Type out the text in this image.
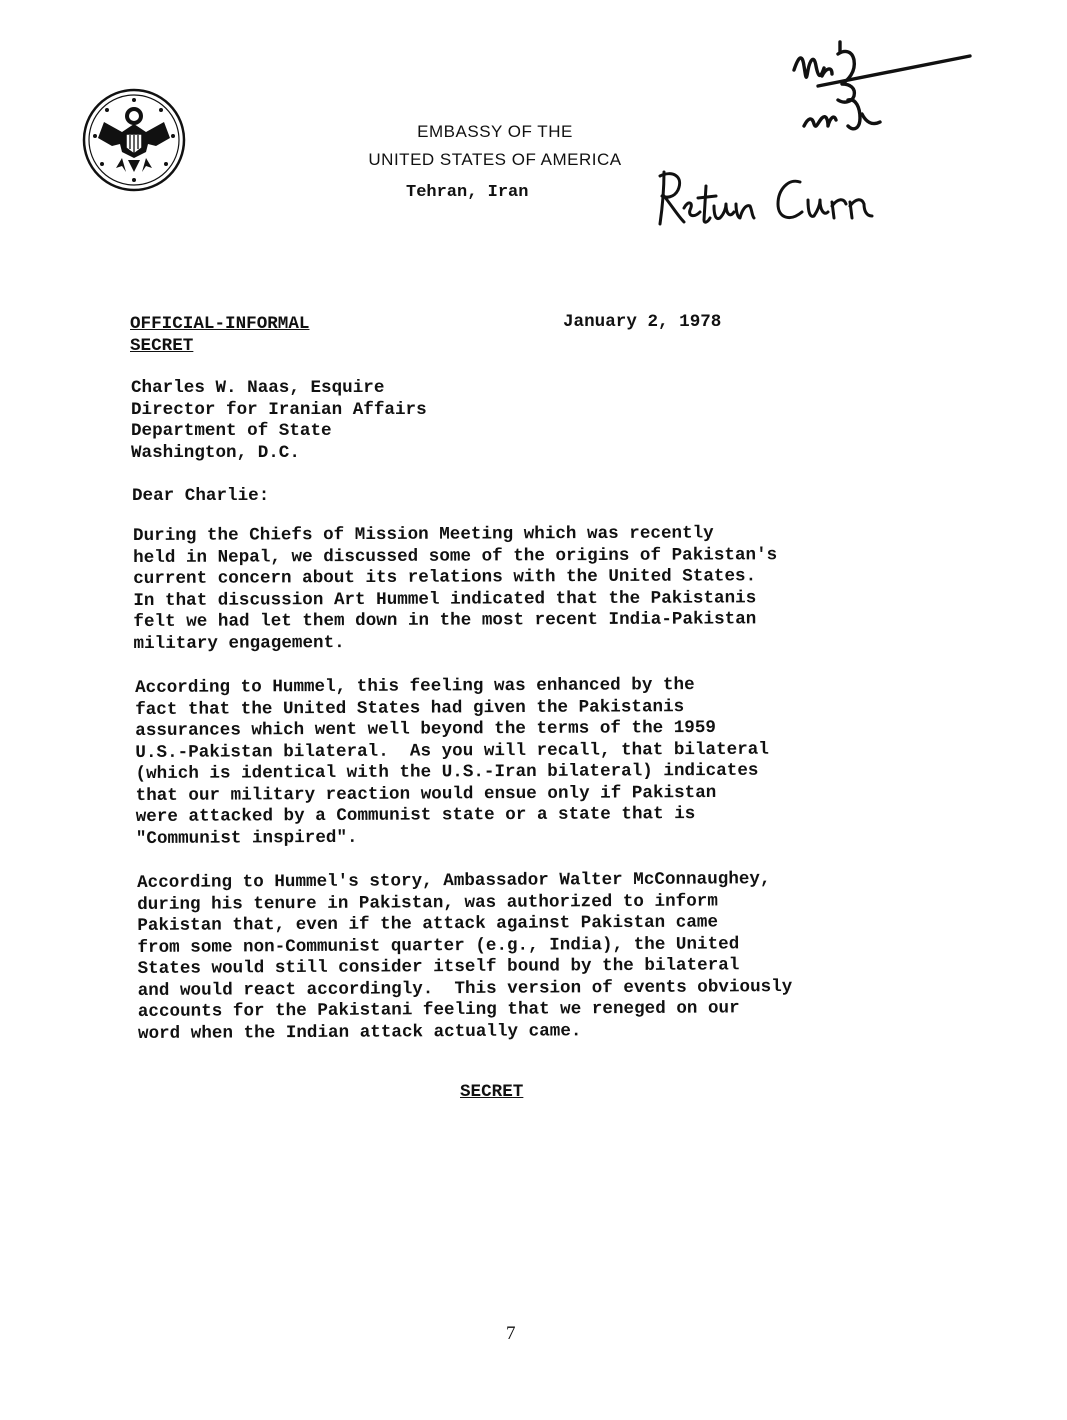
EMBASSY OF THE
UNITED STATES OF AMERICA
Tehran, Iran
OFFICIAL-INFORMAL
SECRET
January 2, 1978
Charles W. Naas, Esquire
Director for Iranian Affairs
Department of State
Washington, D.C.
Dear Charlie:
During the Chiefs of Mission Meeting which was recently
held in Nepal, we discussed some of the origins of Pakistan's
current concern about its relations with the United States.
In that discussion Art Hummel indicated that the Pakistanis
felt we had let them down in the most recent India-Pakistan
military engagement.
According to Hummel, this feeling was enhanced by the
fact that the United States had given the Pakistanis
assurances which went well beyond the terms of the 1959
U.S.-Pakistan bilateral.  As you will recall, that bilateral
(which is identical with the U.S.-Iran bilateral) indicates
that our military reaction would ensue only if Pakistan
were attacked by a Communist state or a state that is
"Communist inspired".
According to Hummel's story, Ambassador Walter McConnaughey,
during his tenure in Pakistan, was authorized to inform
Pakistan that, even if the attack against Pakistan came
from some non-Communist quarter (e.g., India), the United
States would still consider itself bound by the bilateral
and would react accordingly.  This version of events obviously
accounts for the Pakistani feeling that we reneged on our
word when the Indian attack actually came.
SECRET
7
